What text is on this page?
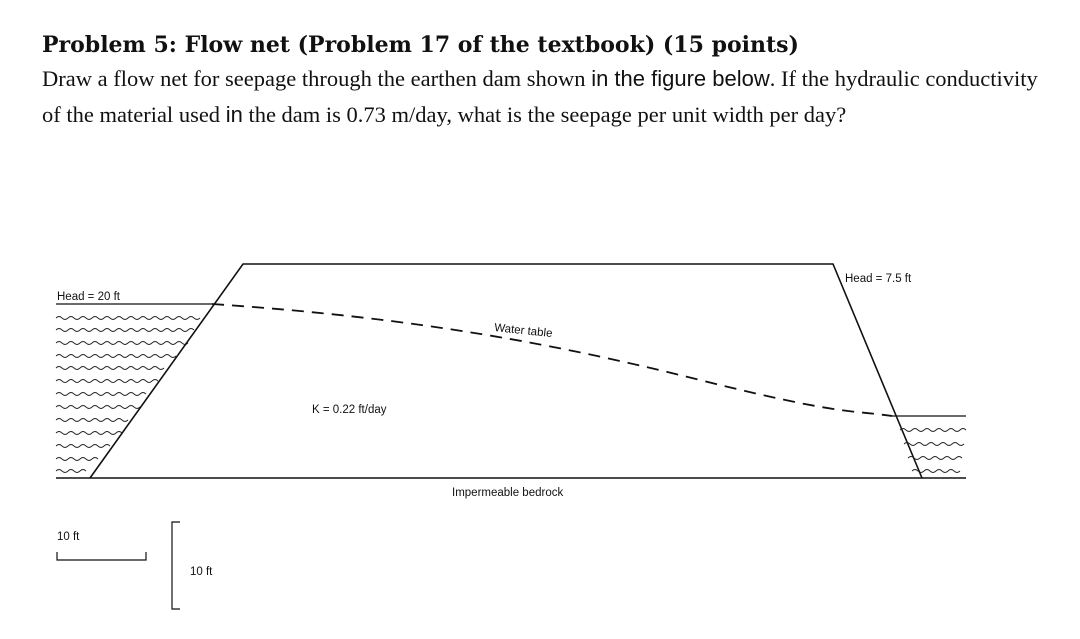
Problem 5: Flow net (Problem 17 of the textbook) (15 points)
Draw a flow net for seepage through the earthen dam shown in the figure below. If the hydraulic conductivity of the material used in the dam is 0.73 m/day, what is the seepage per unit width per day?
Head = 20 ft
Head = 7.5 ft
Water table
K = 0.22 ft/day
Impermeable bedrock
10 ft
10 ft
